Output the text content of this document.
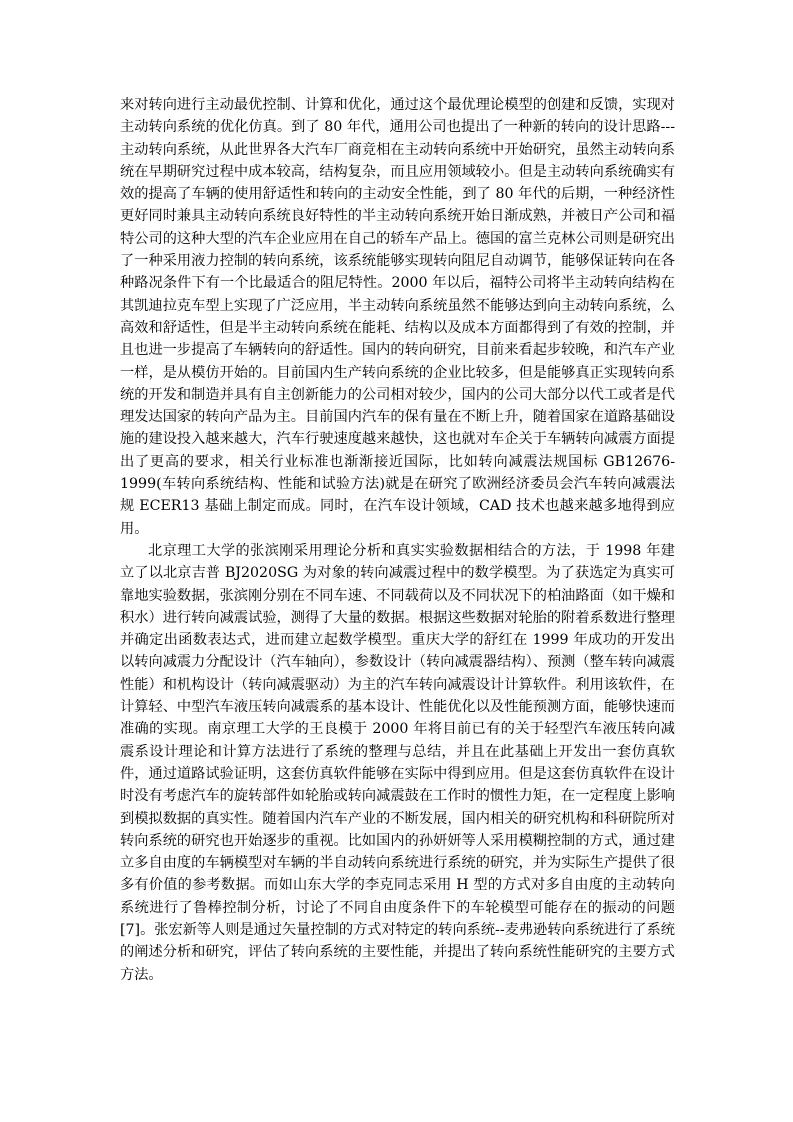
来对转向进行主动最优控制、计算和优化，通过这个最优理论模型的创建和反馈，实现对主动转向系统的优化仿真。到了 80 年代，通用公司也提出了一种新的转向的设计思路---主动转向系统，从此世界各大汽车厂商竞相在主动转向系统中开始研究，虽然主动转向系统在早期研究过程中成本较高，结构复杂，而且应用领域较小。但是主动转向系统确实有效的提高了车辆的使用舒适性和转向的主动安全性能，到了 80 年代的后期，一种经济性更好同时兼具主动转向系统良好特性的半主动转向系统开始日渐成熟，并被日产公司和福特公司的这种大型的汽车企业应用在自己的轿车产品上。德国的富兰克林公司则是研究出了一种采用液力控制的转向系统，该系统能够实现转向阻尼自动调节，能够保证转向在各种路况条件下有一个比最适合的阻尼特性。2000 年以后，福特公司将半主动转向结构在其凯迪拉克车型上实现了广泛应用，半主动转向系统虽然不能够达到向主动转向系统，么高效和舒适性，但是半主动转向系统在能耗、结构以及成本方面都得到了有效的控制，并且也进一步提高了车辆转向的舒适性。国内的转向研究，目前来看起步较晚，和汽车产业一样，是从模仿开始的。目前国内生产转向系统的企业比较多，但是能够真正实现转向系统的开发和制造并具有自主创新能力的公司相对较少，国内的公司大部分以代工或者是代理发达国家的转向产品为主。目前国内汽车的保有量在不断上升，随着国家在道路基础设施的建设投入越来越大，汽车行驶速度越来越快，这也就对车企关于车辆转向减震方面提出了更高的要求，相关行业标准也渐渐接近国际，比如转向减震法规国标 GB12676-1999(车转向系统结构、性能和试验方法)就是在研究了欧洲经济委员会汽车转向减震法规 ECER13 基础上制定而成。同时，在汽车设计领域，CAD 技术也越来越多地得到应用。

北京理工大学的张滨刚采用理论分析和真实实验数据相结合的方法，于 1998 年建立了以北京吉普 BJ2020SG 为对象的转向减震过程中的数学模型。为了获选定为真实可靠地实验数据，张滨刚分别在不同车速、不同载荷以及不同状况下的柏油路面（如干燥和积水）进行转向减震试验，测得了大量的数据。根据这些数据对轮胎的附着系数进行整理并确定出函数表达式，进而建立起数学模型。重庆大学的舒红在 1999 年成功的开发出以转向减震力分配设计（汽车轴向），参数设计（转向减震器结构）、预测（整车转向减震性能）和机构设计（转向减震驱动）为主的汽车转向减震设计计算软件。利用该软件，在计算轻、中型汽车液压转向减震系的基本设计、性能优化以及性能预测方面，能够快速而准确的实现。南京理工大学的王良模于 2000 年将目前已有的关于轻型汽车液压转向减震系设计理论和计算方法进行了系统的整理与总结，并且在此基础上开发出一套仿真软件，通过道路试验证明，这套仿真软件能够在实际中得到应用。但是这套仿真软件在设计时没有考虑汽车的旋转部件如轮胎或转向减震鼓在工作时的惯性力矩，在一定程度上影响到模拟数据的真实性。随着国内汽车产业的不断发展，国内相关的研究机构和科研院所对转向系统的研究也开始逐步的重视。比如国内的孙妍妍等人采用模糊控制的方式，通过建立多自由度的车辆模型对车辆的半自动转向系统进行系统的研究，并为实际生产提供了很多有价值的参考数据。而如山东大学的李克同志采用 H 型的方式对多自由度的主动转向系统进行了鲁棒控制分析，讨论了不同自由度条件下的车轮模型可能存在的振动的问题[7]。张宏新等人则是通过矢量控制的方式对特定的转向系统--麦弗逊转向系统进行了系统的阐述分析和研究，评估了转向系统的主要性能，并提出了转向系统性能研究的主要方式方法。
